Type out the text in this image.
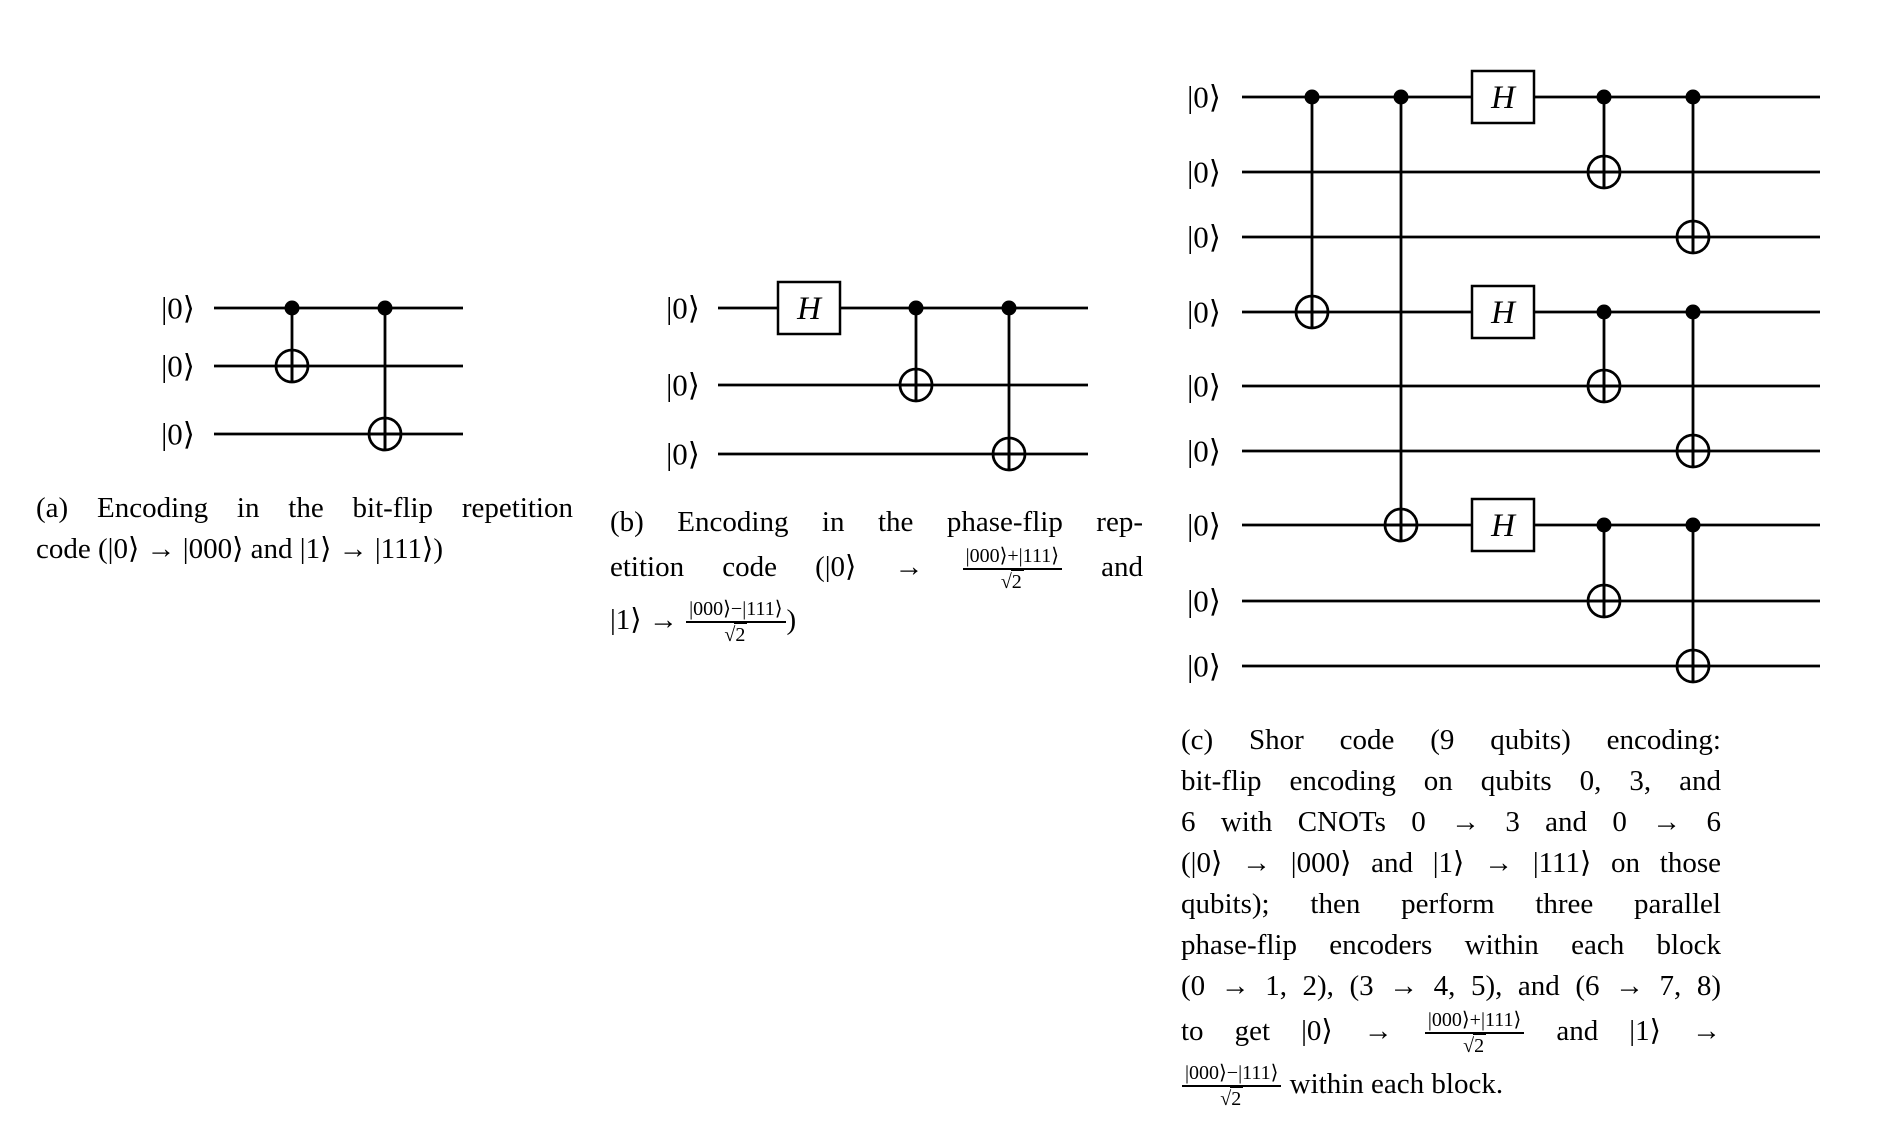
|0⟩
|0⟩
|0⟩
(a) Encoding in the bit-flip repetition
code (|0⟩ → |000⟩ and |1⟩ → |111⟩)
|0⟩
|0⟩
|0⟩
H
(b) Encoding in the phase-flip rep-
etition code (|0⟩ → $\frac{|000⟩+|111⟩}{√2}$ and
|1⟩ → $\frac{|000⟩-|111⟩}{√2}$ )
|0⟩
|0⟩
|0⟩
|0⟩
|0⟩
|0⟩
|0⟩
|0⟩
|0⟩
H
H
H
(c) Shor code (9 qubits) encoding:
bit-flip encoding on qubits 0, 3, and
6 with CNOTs 0 → 3 and 0 → 6
(|0⟩ → |000⟩ and |1⟩ → |111⟩ on those
qubits); then perform three parallel
phase-flip encoders within each block
(0 → 1, 2), (3 → 4, 5), and (6 → 7, 8)
to get |0⟩ → $\frac{|000⟩+|111⟩}{√2}$ and |1⟩ →
$\frac{|000⟩-|111⟩}{√2}$ within each block.
